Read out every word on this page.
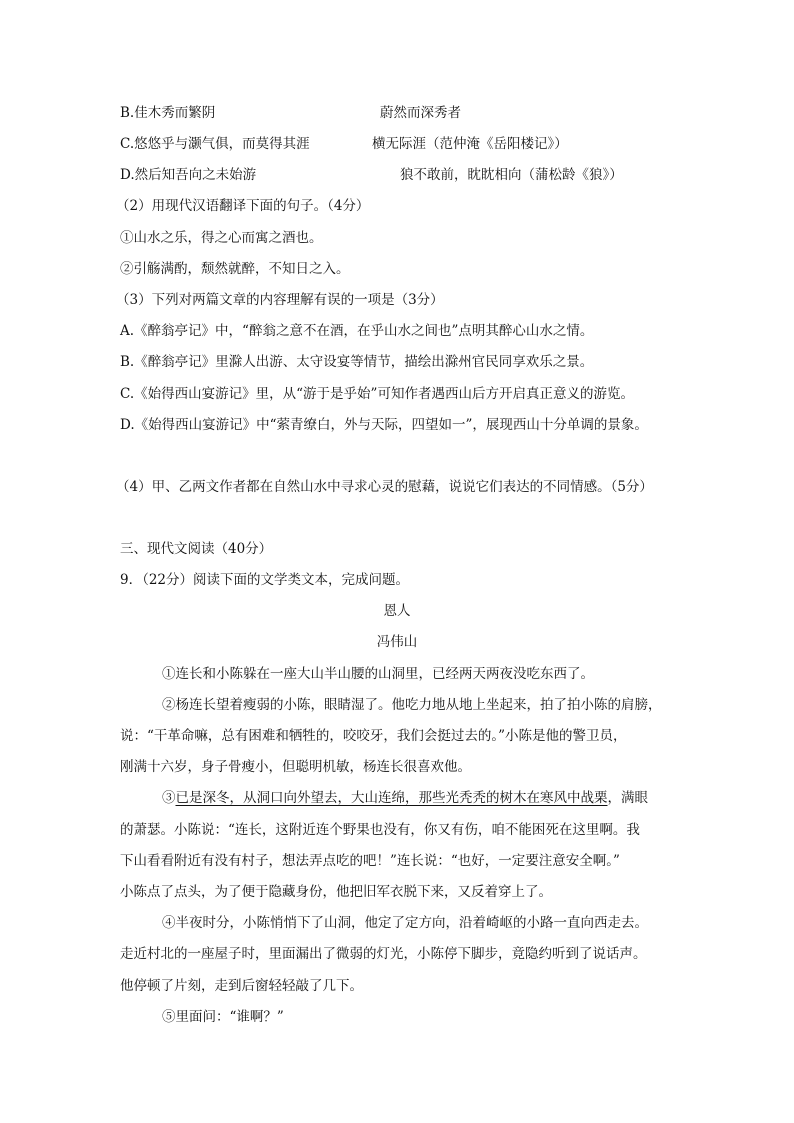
B.佳木秀而繁阴	蔚然而深秀者
C.悠悠乎与灏气俱，而莫得其涯	横无际涯（范仲淹《岳阳楼记》）
D.然后知吾向之未始游	狼不敢前，眈眈相向（蒲松龄《狼》）
（2）用现代汉语翻译下面的句子。（4分）
①山水之乐，得之心而寓之酒也。
②引觞满酌，颓然就醉，不知日之入。
（3）下列对两篇文章的内容理解有误的一项是（3分）
A.《醉翁亭记》中，“醉翁之意不在酒，在乎山水之间也”点明其醉心山水之情。
B.《醉翁亭记》里滁人出游、太守设宴等情节，描绘出滁州官民同享欢乐之景。
C.《始得西山宴游记》里，从“游于是乎始”可知作者遇西山后方开启真正意义的游览。
D.《始得西山宴游记》中“萦青缭白，外与天际，四望如一”，展现西山十分单调的景象。
（4）甲、乙两文作者都在自然山水中寻求心灵的慰藉，说说它们表达的不同情感。（5分）
三、现代文阅读（40分）
9．（22分）阅读下面的文学类文本，完成问题。
恩人
冯伟山
①连长和小陈躲在一座大山半山腰的山洞里，已经两天两夜没吃东西了。
②杨连长望着瘦弱的小陈，眼睛湿了。他吃力地从地上坐起来，拍了拍小陈的肩膀，
说：“干革命嘛，总有困难和牺牲的，咬咬牙，我们会挺过去的。”小陈是他的警卫员，
刚满十六岁，身子骨瘦小，但聪明机敏，杨连长很喜欢他。
③已是深冬，从洞口向外望去，大山连绵，那些光秃秃的树木在寒风中战栗，满眼
的萧瑟。小陈说：“连长，这附近连个野果也没有，你又有伤，咱不能困死在这里啊。我
下山看看附近有没有村子，想法弄点吃的吧！”连长说：“也好，一定要注意安全啊。”
小陈点了点头，为了便于隐藏身份，他把旧军衣脱下来，又反着穿上了。
④半夜时分，小陈悄悄下了山洞，他定了定方向，沿着崎岖的小路一直向西走去。
走近村北的一座屋子时，里面漏出了微弱的灯光，小陈停下脚步，竟隐约听到了说话声。
他停顿了片刻，走到后窗轻轻敲了几下。
⑤里面问：“谁啊？”
